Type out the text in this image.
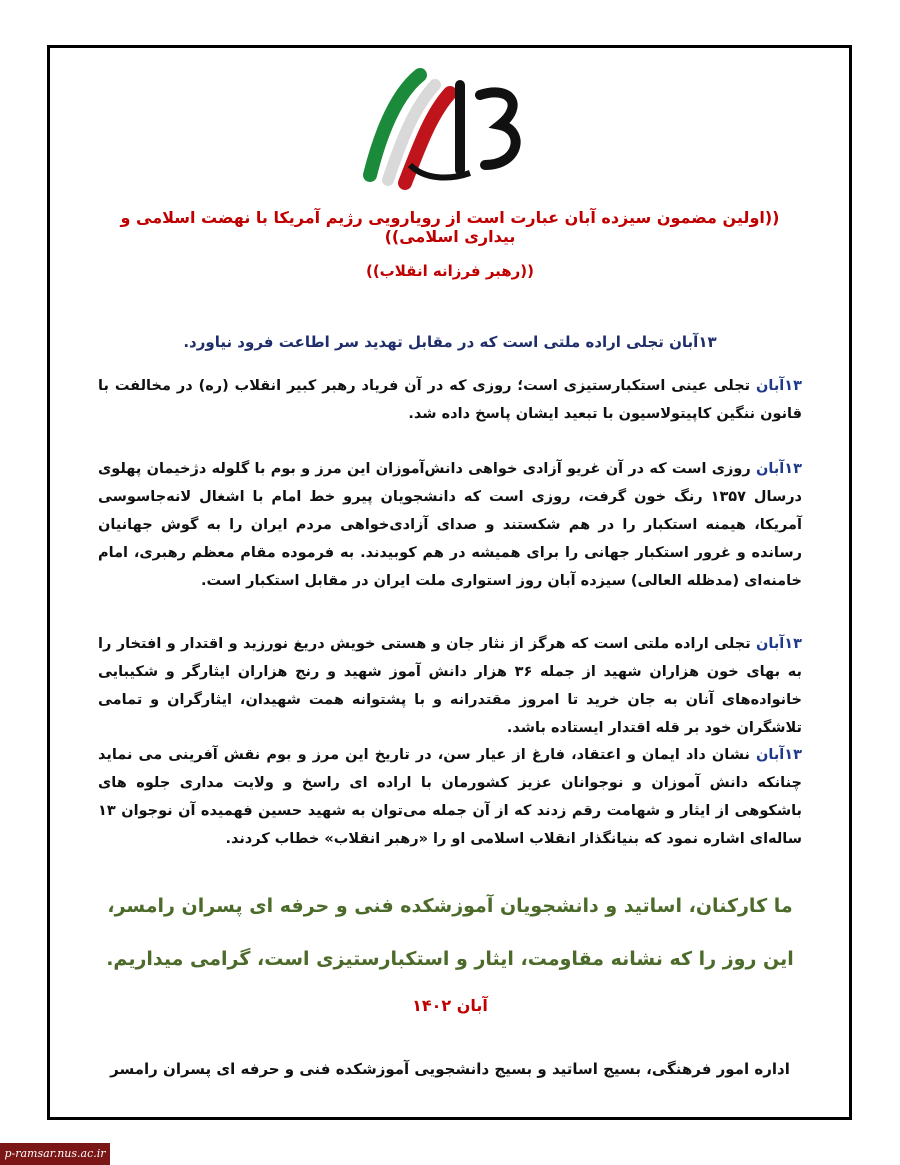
((اولین مضمون سیزده آبان عبارت است از رویارویی رژیم آمریکا با نهضت اسلامی و بیداری اسلامی))
((رهبر فرزانه انقلاب))
۱۳آبان تجلی اراده ملتی است که در مقابل تهدید سر اطاعت فرود نیاورد.
۱۳آبان تجلی عینی استکبارستیزی است؛ روزی که در آن فریاد رهبر کبیر انقلاب (ره) در مخالفت با قانون ننگین کاپیتولاسیون با تبعید ایشان پاسخ داده شد.
۱۳آبان روزی است که در آن غریو آزادی خواهی دانش‌آموزان این مرز و بوم با گلوله دژخیمان پهلوی درسال ۱۳۵۷ رنگ خون گرفت، روزی است که دانشجویان پیرو خط امام با اشغال لانه‌جاسوسی آمریکا، هیمنه استکبار را در هم شکستند و صدای آزادی‌خواهی مردم ایران را به گوش جهانیان رسانده و غرور استکبار جهانی را برای همیشه در هم کوبیدند. به فرموده مقام معظم رهبری، امام خامنه‌ای (مدظله العالی) سیزده آبان روز استواری ملت ایران در مقابل استکبار است.
۱۳آبان تجلی اراده ملتی است که هرگز از نثار جان و هستی خویش دریغ نورزید و اقتدار و افتخار را به بهای خون هزاران شهید از جمله ۳۶ هزار دانش آموز شهید و رنج هزاران ایثارگر و شکیبایی خانواده‌های آنان به جان خرید تا امروز مقتدرانه و با پشتوانه همت شهیدان، ایثارگران و تمامی تلاشگران خود بر قله اقتدار ایستاده باشد.
۱۳آبان نشان داد ایمان و اعتقاد، فارغ از عیار سن، در تاریخ این مرز و بوم نقش آفرینی می نماید چنانکه دانش آموزان و نوجوانان عزیز کشورمان با اراده ای راسخ و ولایت مداری جلوه های باشکوهی از ایثار و شهامت رقم زدند که از آن جمله می‌توان به شهید حسین فهمیده آن نوجوان ۱۳ ساله‌ای اشاره نمود که بنیانگذار انقلاب اسلامی او را «رهبر انقلاب» خطاب کردند.
ما کارکنان، اساتید و دانشجویان آموزشکده فنی و حرفه ای پسران رامسر،
این روز را که نشانه مقاومت، ایثار و استکبارستیزی است، گرامی میداریم.
آبان ۱۴۰۲
اداره امور فرهنگی، بسیج اساتید و بسیج دانشجویی آموزشکده فنی و حرفه ای پسران رامسر
p-ramsar.nus.ac.ir
